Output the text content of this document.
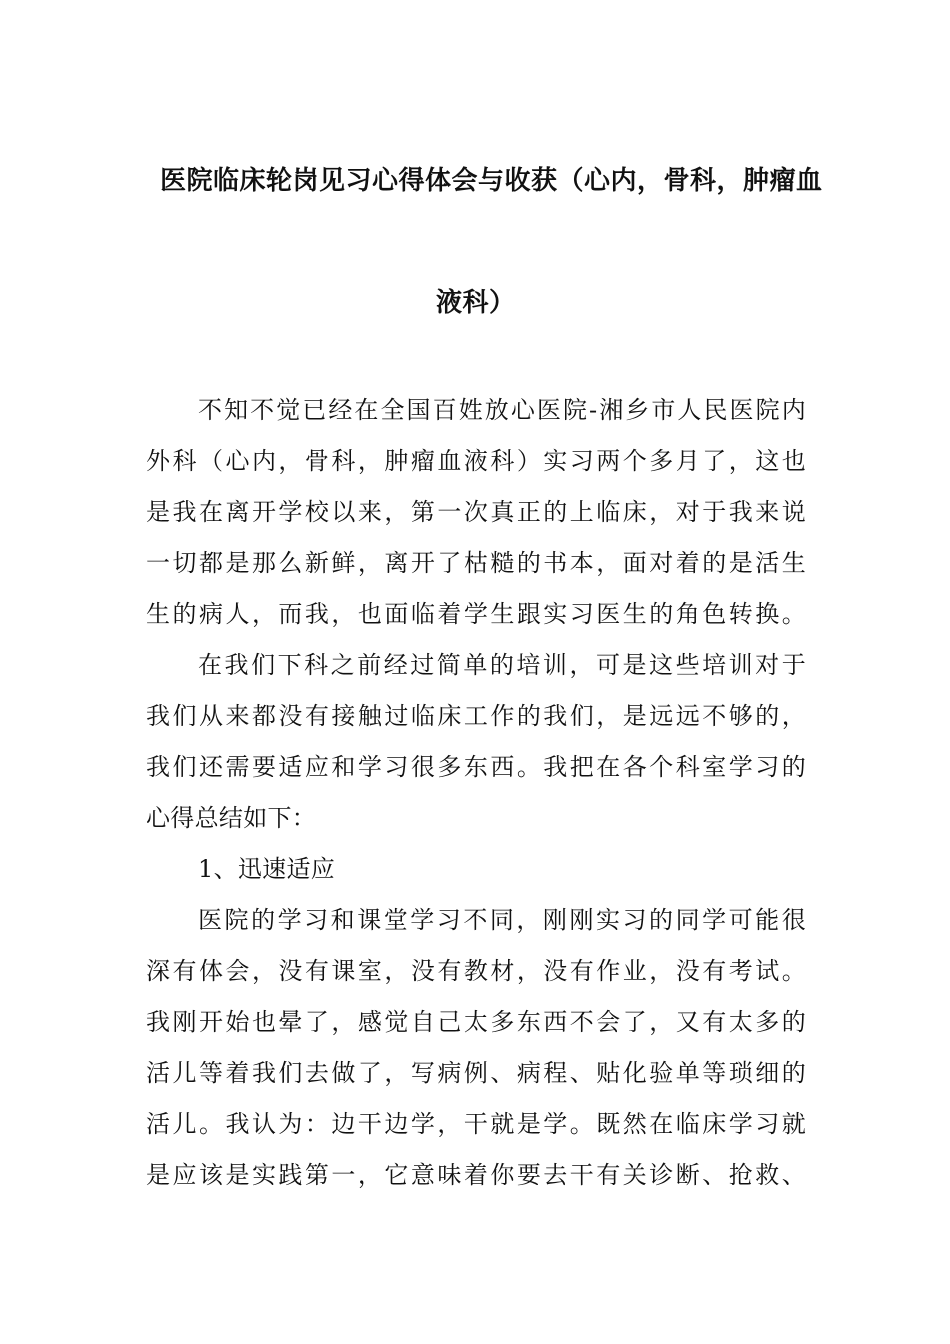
医院临床轮岗见习心得体会与收获（心内，骨科，肿瘤血
液科）
不知不觉已经在全国百姓放心医院-湘乡市人民医院内
外科（心内，骨科，肿瘤血液科）实习两个多月了，这也
是我在离开学校以来，第一次真正的上临床，对于我来说
一切都是那么新鲜，离开了枯糙的书本，面对着的是活生
生的病人，而我，也面临着学生跟实习医生的角色转换。
在我们下科之前经过简单的培训，可是这些培训对于
我们从来都没有接触过临床工作的我们，是远远不够的，
我们还需要适应和学习很多东西。我把在各个科室学习的
心得总结如下：
1、迅速适应
医院的学习和课堂学习不同，刚刚实习的同学可能很
深有体会，没有课室，没有教材，没有作业，没有考试。
我刚开始也晕了，感觉自己太多东西不会了，又有太多的
活儿等着我们去做了，写病例、病程、贴化验单等琐细的
活儿。我认为：边干边学，干就是学。既然在临床学习就
是应该是实践第一，它意味着你要去干有关诊断、抢救、
